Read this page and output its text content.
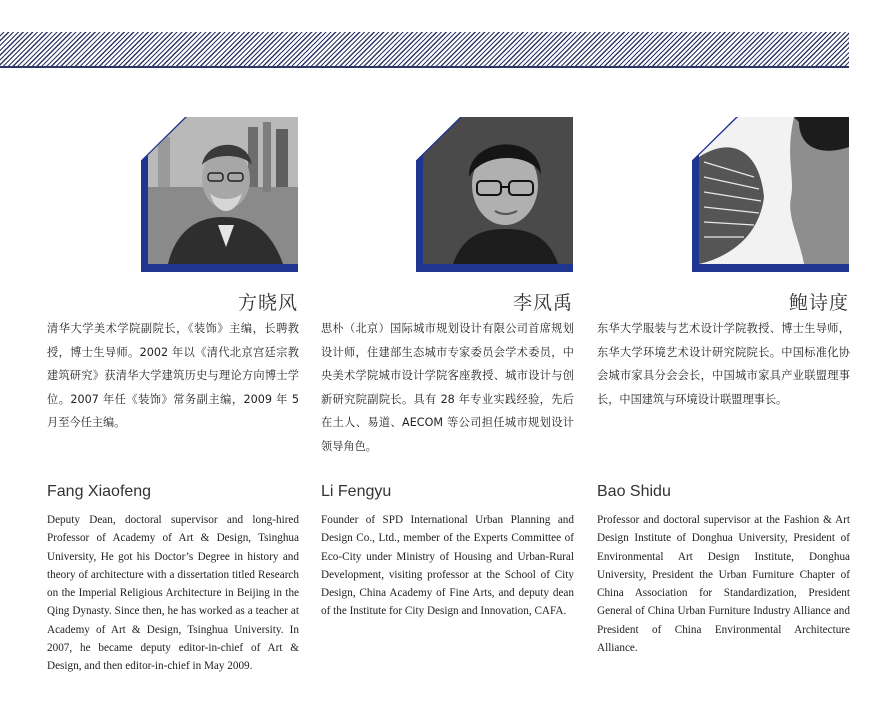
方晓风
清华大学美术学院副院长，《装饰》主编，长聘教授，博士生导师。2002 年以《清代北京宫廷宗教建筑研究》获清华大学建筑历史与理论方向博士学位。2007 年任《装饰》常务副主编，2009 年 5 月至今任主编。
Fang Xiaofeng
Deputy Dean, doctoral supervisor and long-hired Professor of Academy of Art & Design, Tsinghua University, He got his Doctor’s Degree in history and theory of architecture with a dissertation titled Research on the Imperial Religious Architecture in Beijing in the Qing Dynasty. Since then, he has worked as a teacher at Academy of Art & Design, Tsinghua University. In 2007, he became deputy editor-in-chief of Art & Design, and then editor-in-chief in May 2009.
李凤禹
思朴（北京）国际城市规划设计有限公司首席规划设计师，住建部生态城市专家委员会学术委员，中央美术学院城市设计学院客座教授、城市设计与创新研究院副院长。具有 28 年专业实践经验，先后在土人、易道、AECOM 等公司担任城市规划设计领导角色。
Li Fengyu
Founder of SPD International Urban Planning and Design Co., Ltd., member of the Experts Committee of Eco-City under Ministry of Housing and Urban-Rural Development, visiting professor at the School of City Design, China Academy of Fine Arts, and deputy dean of the Institute for City Design and Innovation, CAFA.
鲍诗度
东华大学服装与艺术设计学院教授、博士生导师，东华大学环境艺术设计研究院院长。中国标准化协会城市家具分会会长，中国城市家具产业联盟理事长，中国建筑与环境设计联盟理事长。
Bao Shidu
Professor and doctoral supervisor at the Fashion & Art Design Institute of Donghua University, President of Environmental Art Design Institute, Donghua University, President the Urban Furniture Chapter of China Association for Standardization, President General of China Urban Furniture Industry Alliance and President of China Environmental Architecture Alliance.
